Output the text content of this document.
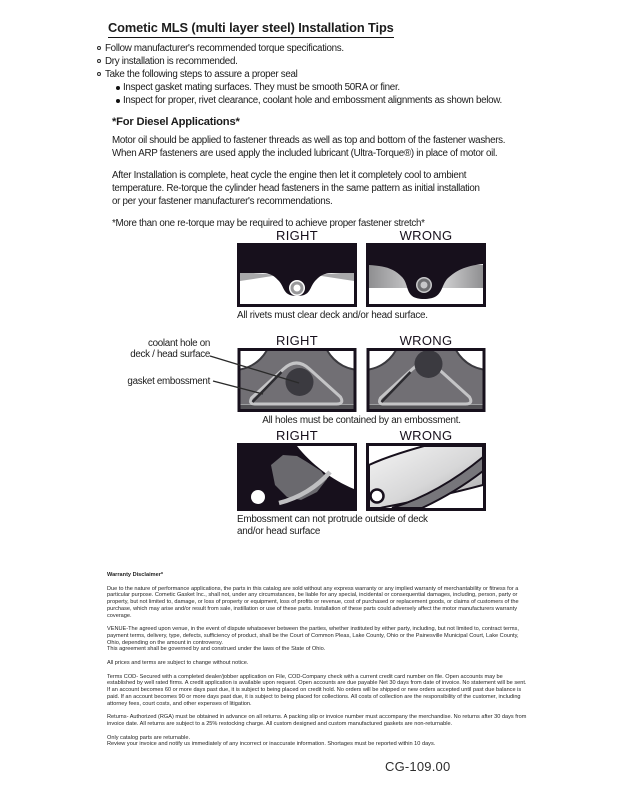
Cometic MLS (multi layer steel) Installation Tips
Follow manufacturer's recommended torque specifications.
Dry installation is recommended.
Take the following steps to assure a proper seal
Inspect gasket mating surfaces. They must be smooth 50RA or finer.
Inspect for proper, rivet clearance, coolant hole and embossment alignments as shown below.
*For Diesel Applications*
Motor oil should be applied to fastener threads as well as top and bottom of the fastener washers.
When ARP fasteners are used apply the included lubricant (Ultra-Torque®) in place of motor oil.
After Installation is complete, heat cycle the engine then let it completely cool to ambient
temperature. Re-torque the cylinder head fasteners in the same pattern as initial installation
or per your fastener manufacturer's recommendations.
*More than one re-torque may be required to achieve proper fastener stretch*
RIGHT	WRONG
All rivets must clear deck and/or head surface.
RIGHT	WRONG
All holes must be contained by an embossment.
coolant hole on
deck / head surface
gasket embossment
RIGHT	WRONG
Embossment can not protrude outside of deck
and/or head surface
Warranty Disclaimer*

Due to the nature of performance applications, the parts in this catalog are sold without any express warranty or any implied warranty of merchantability or fitness for a particular purpose. Cometic Gasket Inc., shall not, under any circumstances, be liable for any special, incidental or consequential damages, including, person, party or property, but not limited to, damage, or loss of property or equipment, loss of profits or revenue, cost of purchased or replacement goods, or claims of customers of the purchase, which may arise and/or result from sale, instillation or use of these parts. Installation of these parts could adversely affect the motor manufacturers warranty coverage.

VENUE-The agreed upon venue, in the event of dispute whatsoever between the parties, whether instituted by either party, including, but not limited to, contract terms, payment terms, delivery, type, defects, sufficiency of product, shall be the Court of Common Pleas, Lake County, Ohio or the Painesville Municipal Court, Lake County, Ohio, depending on the amount in controversy.

This agreement shall be governed by and construed under the laws of the State of Ohio.

All prices and terms are subject to change without notice.

Terms COD- Secured with a completed dealer/jobber application on File, COD-Company check with a current credit card number on file. Open accounts may be established by well rated firms. A credit application is available upon request. Open accounts are due payable Net 30 days from date of invoice. No statement will be sent. If an account becomes 60 or more days past due, it is subject to being placed on credit hold. No orders will be shipped or new orders accepted until past due balance is paid. If an account becomes 90 or more days past due, it is subject to being placed for collections. All costs of collection are the responsibility of the customer, including attorney fees, court costs, and other expenses of litigation.

Returns- Authorized (RGA) must be obtained in advance on all returns. A packing slip or invoice number must accompany the merchandise. No returns after 30 days from invoice date. All returns are subject to a 25% restocking charge. All custom designed and custom manufactured gaskets are non-returnable.

Only catalog parts are returnable.

Review your invoice and notify us immediately of any incorrect or inaccurate information. Shortages must be reported within 10 days.

CG-109.00
